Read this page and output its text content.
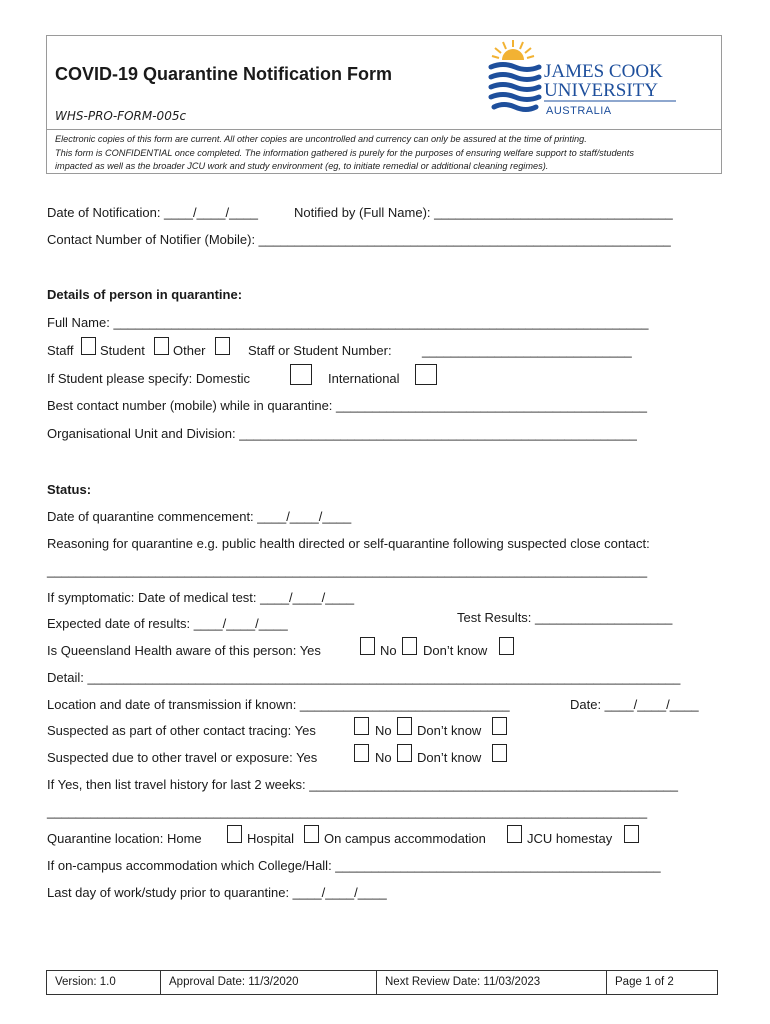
COVID-19 Quarantine Notification Form
WHS-PRO-FORM-005c
Electronic copies of this form are current. All other copies are uncontrolled and currency can only be assured at the time of printing.
This form is CONFIDENTIAL once completed. The information gathered is purely for the purposes of ensuring welfare support to staff/students
impacted as well as the broader JCU work and study environment (eg, to initiate remedial or additional cleaning regimes).
JAMES COOK
UNIVERSITY
AUSTRALIA
Date of Notification: ____/____/____	Notified by (Full Name): _________________________________
Contact Number of Notifier (Mobile): _________________________________________________________
Details of person in quarantine:
Full Name: __________________________________________________________________________
Staff Student Other	Staff or Student Number: _____________________________
If Student please specify: Domestic	International
Best contact number (mobile) while in quarantine: ___________________________________________
Organisational Unit and Division: _______________________________________________________
Status:
Date of quarantine commencement: ____/____/____
Reasoning for quarantine e.g. public health directed or self-quarantine following suspected close contact:
___________________________________________________________________________________
If symptomatic: Date of medical test: ____/____/____
Test Results: ___________________
Expected date of results: ____/____/____
Is Queensland Health aware of this person: Yes	No Don’t know
Detail: __________________________________________________________________________________
Location and date of transmission if known: _____________________________	Date: ____/____/____
Suspected as part of other contact tracing: Yes	No Don’t know
Suspected due to other travel or exposure: Yes	No Don’t know
If Yes, then list travel history for last 2 weeks: ___________________________________________________
___________________________________________________________________________________
Quarantine location: Home	Hospital On campus accommodation	JCU homestay
If on-campus accommodation which College/Hall: _____________________________________________
Last day of work/study prior to quarantine: ____/____/____
Version: 1.0	Approval Date: 11/3/2020	Next Review Date: 11/03/2023	Page 1 of 2
